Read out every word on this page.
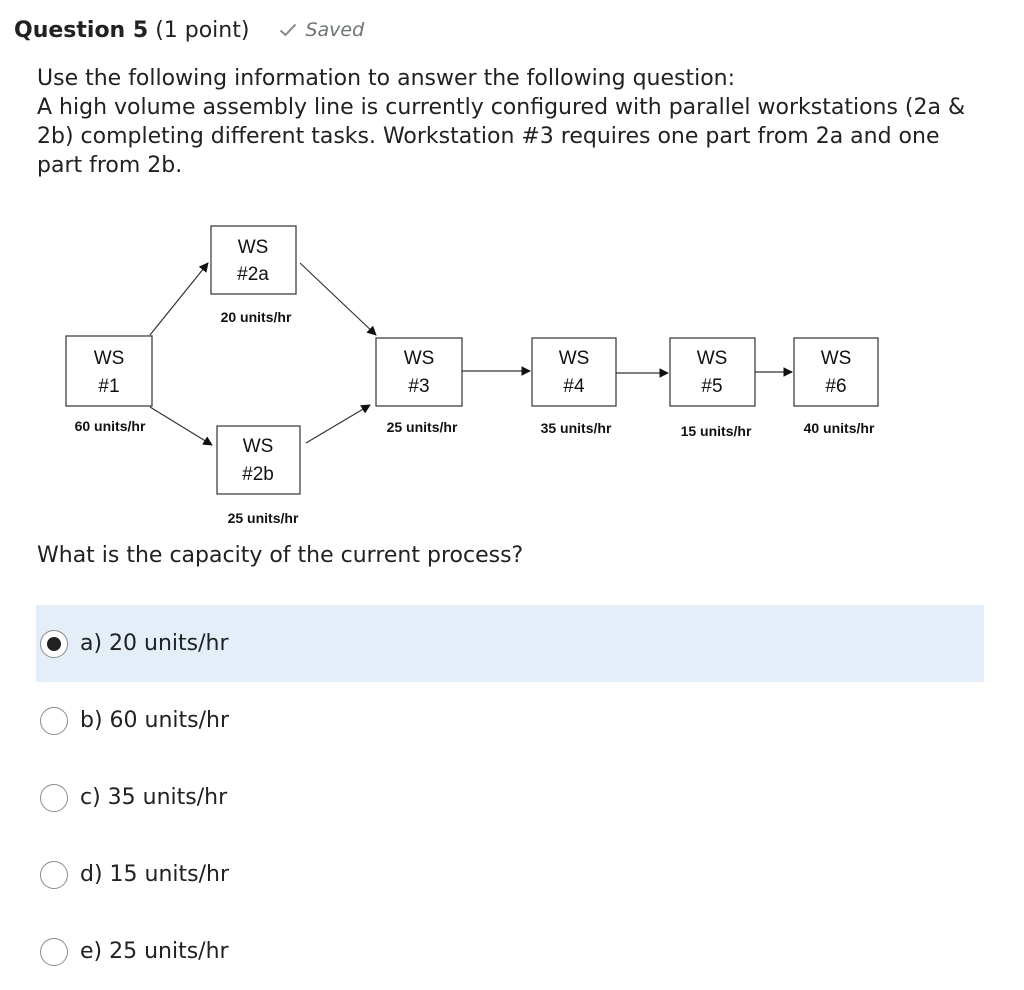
Question 5 (1 point)	Saved

Use the following information to answer the following question:

A high volume assembly line is currently configured with parallel workstations (2a & 2b) completing different tasks. Workstation #3 requires one part from 2a and one part from 2b.

WS
#1
60 units/hr
WS
#2a
20 units/hr
WS
#2b
25 units/hr
WS
#3
25 units/hr
WS
#4
35 units/hr
WS
#5
15 units/hr
WS
#6
40 units/hr
What is the capacity of the current process?
a) 20 units/hr
b) 60 units/hr
c) 35 units/hr
d) 15 units/hr
e) 25 units/hr
